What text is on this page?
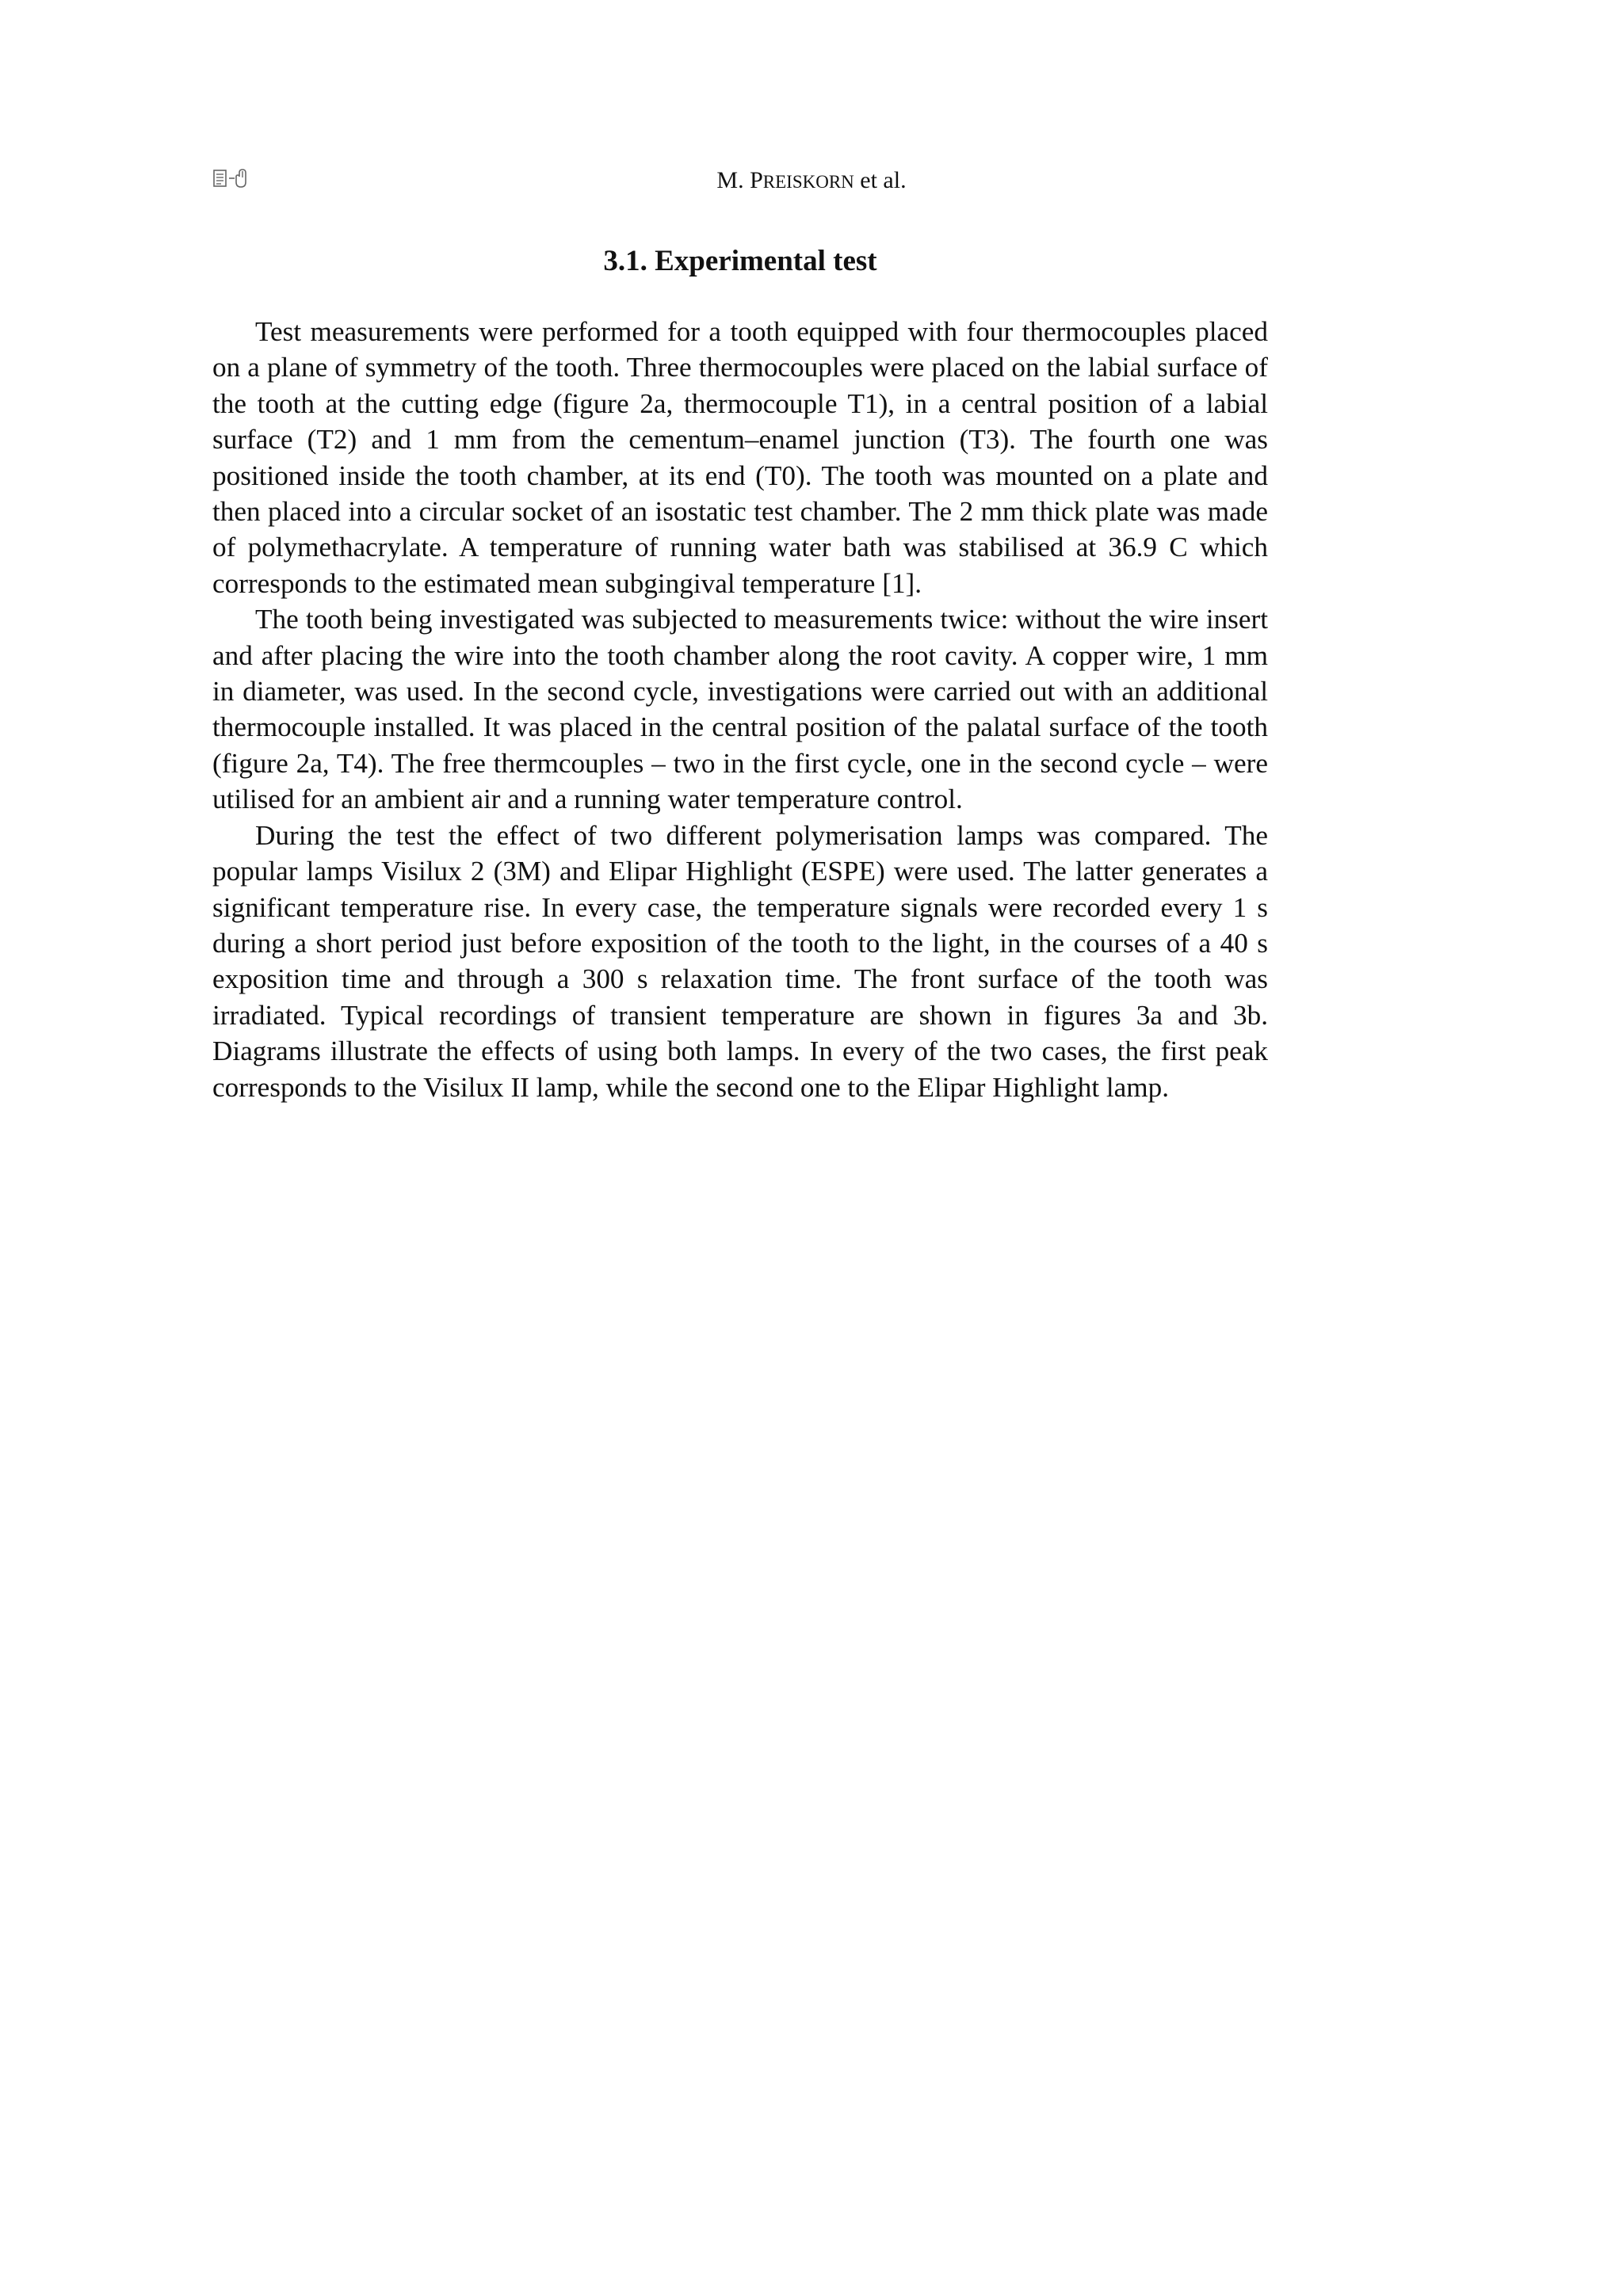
M. PREISKORN et al.
3.1. Experimental test

Test measurements were performed for a tooth equipped with four thermocouples placed on a plane of symmetry of the tooth. Three thermocouples were placed on the labial surface of the tooth at the cutting edge (figure 2a, thermocouple T1), in a central position of a labial surface (T2) and 1 mm from the cementum–enamel junction (T3). The fourth one was positioned inside the tooth chamber, at its end (T0). The tooth was mounted on a plate and then placed into a circular socket of an isostatic test chamber. The 2 mm thick plate was made of polymethacrylate. A temperature of running water bath was stabilised at 36.9 C which corresponds to the estimated mean subgingival temperature [1].

The tooth being investigated was subjected to measurements twice: without the wire insert and after placing the wire into the tooth chamber along the root cavity. A copper wire, 1 mm in diameter, was used. In the second cycle, investigations were carried out with an additional thermocouple installed. It was placed in the central position of the palatal surface of the tooth (figure 2a, T4). The free thermcouples – two in the first cycle, one in the second cycle – were utilised for an ambient air and a running water temperature control.

During the test the effect of two different polymerisation lamps was compared. The popular lamps Visilux 2 (3M) and Elipar Highlight (ESPE) were used. The latter generates a significant temperature rise. In every case, the temperature signals were recorded every 1 s during a short period just before exposition of the tooth to the light, in the courses of a 40 s exposition time and through a 300 s relaxation time. The front surface of the tooth was irradiated. Typical recordings of transient temperature are shown in figures 3a and 3b. Diagrams illustrate the effects of using both lamps. In every of the two cases, the first peak corresponds to the Visilux II lamp, while the second one to the Elipar Highlight lamp.
